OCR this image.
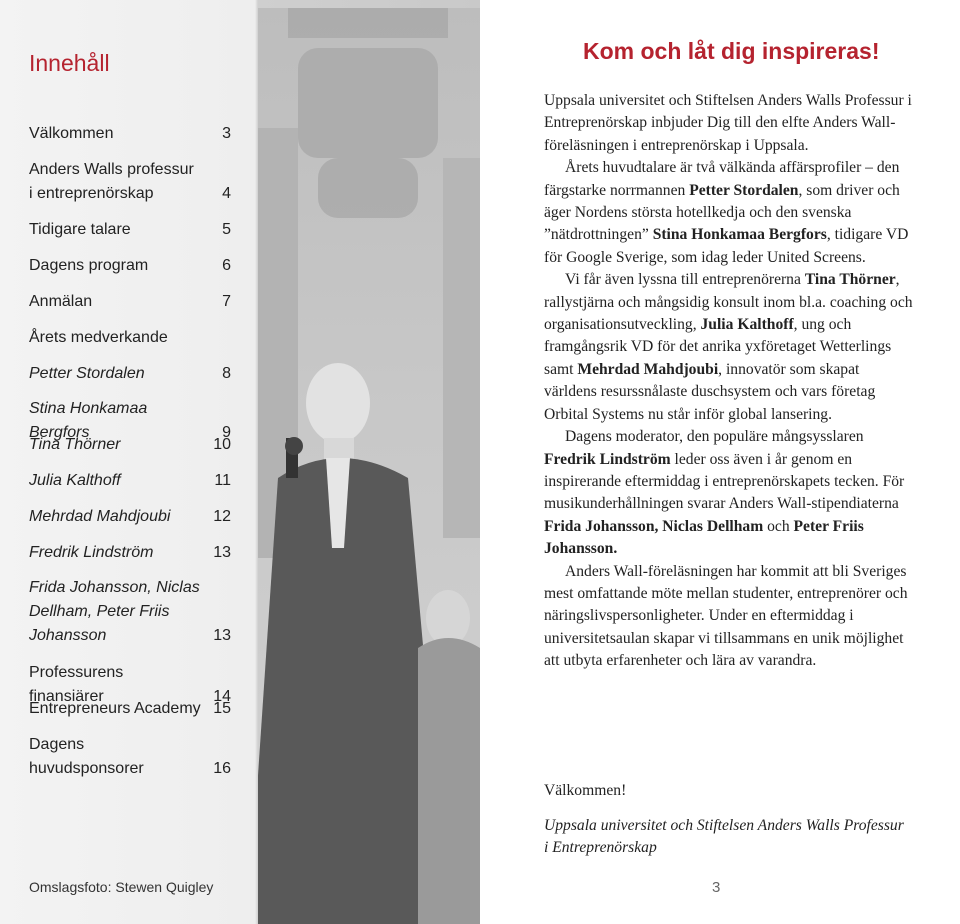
Innehåll
Välkommen	3
Anders Walls professur
i entreprenörskap	4
Tidigare talare	5
Dagens program	6
Anmälan	7
Årets medverkande
Petter Stordalen	8
Stina Honkamaa Bergfors	9
Tina Thörner	10
Julia Kalthoff	11
Mehrdad Mahdjoubi	12
Fredrik Lindström	13
Frida Johansson, Niclas
Dellham, Peter Friis
Johansson	13
Professurens finansiärer	14
Entrepreneurs Academy 15
Dagens huvudsponsorer	16
Omslagsfoto: Stewen Quigley
Kom och låt dig inspireras!

Uppsala universitet och Stiftelsen Anders Walls Professur i Entreprenörskap inbjuder Dig till den elfte Anders Wall-föreläsningen i entreprenörskap i Uppsala.

Årets huvudtalare är två välkända affärsprofiler – den färgstarke norrmannen Petter Stordalen, som driver och äger Nordens största hotellkedja och den svenska ”nätdrottningen” Stina Honkamaa Bergfors, tidigare VD för Google Sverige, som idag leder United Screens.

Vi får även lyssna till entreprenörerna Tina Thörner, rallystjärna och mångsidig konsult inom bl.a. coaching och organisationsutveckling, Julia Kalthoff, ung och framgångsrik VD för det anrika yxföretaget Wetterlings samt Mehrdad Mahdjoubi, innovatör som skapat världens resurssnålaste duschsystem och vars företag Orbital Systems nu står inför global lansering.

Dagens moderator, den populäre mångsysslaren Fredrik Lindström leder oss även i år genom en inspirerande eftermiddag i entreprenörskapets tecken. För musikunderhållningen svarar Anders Wall-stipendiaterna Frida Johansson, Niclas Dellham och Peter Friis Johansson.

Anders Wall-föreläsningen har kommit att bli Sveriges mest omfattande möte mellan studenter, entreprenörer och näringslivspersonligheter. Under en eftermiddag i universitetsaulan skapar vi tillsammans en unik möjlighet att utbyta erfarenheter och lära av varandra.

Välkommen!
Uppsala universitet och Stiftelsen Anders Walls Professur i Entreprenörskap
3
